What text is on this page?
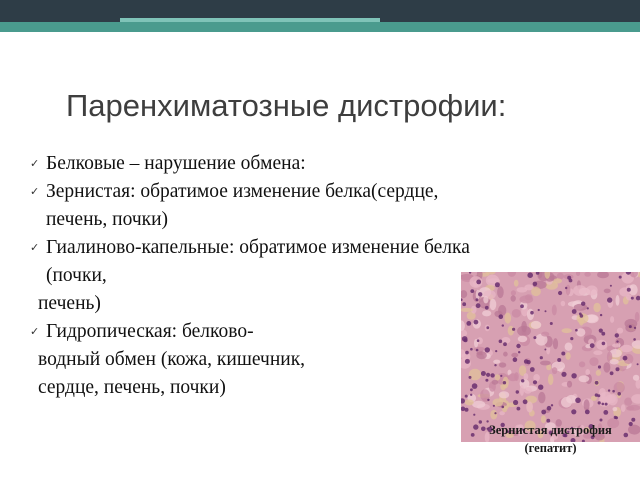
Паренхиматозные дистрофии:
✓ Белковые – нарушение обмена:
✓ Зернистая: обратимое изменение белка(сердце,
печень, почки)
✓ Гиалиново-капельные: обратимое изменение белка
(почки,
печень)
✓ Гидропическая: белково-
водный обмен (кожа, кишечник,
сердце, печень, почки)
Зернистая дистрофия
(гепатит)
